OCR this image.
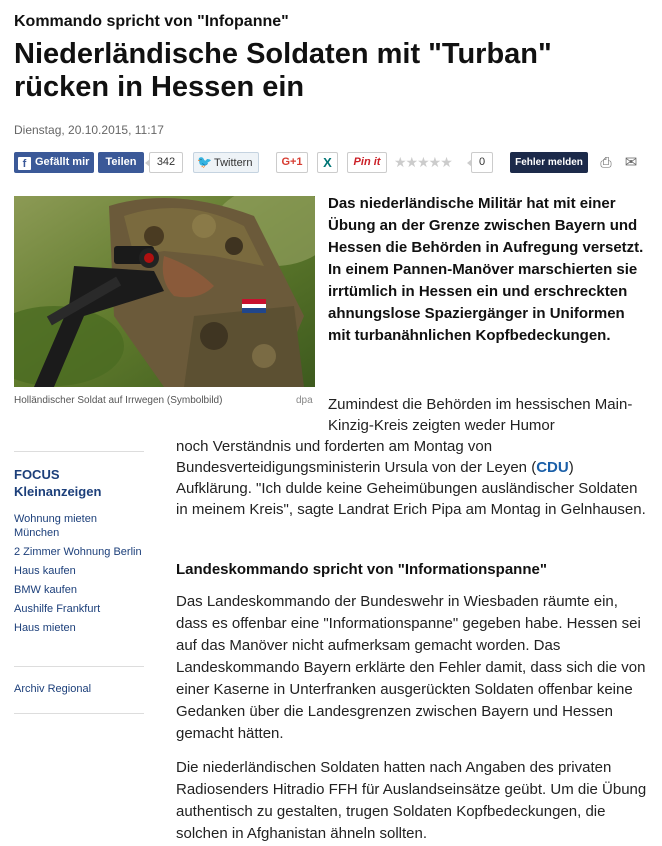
Kommando spricht von "Infopanne"
Niederländische Soldaten mit "Turban"
rücken in Hessen ein
Dienstag, 20.10.2015, 11:17
f Gefällt mir	Teilen	342	🐦 Twittern	G+1	X	Pin it ★★★★★	0	Fehler melden	⎙ ✉
Holländischer Soldat auf Irrwegen (Symbolbild)	dpa

Das niederländische Militär hat mit einer Übung an der Grenze zwischen Bayern und Hessen die Behörden in Aufregung versetzt. In einem Pannen-Manöver marschierten sie irrtümlich in Hessen ein und erschreckten ahnungslose Spaziergänger in Uniformen mit turbanähnlichen Kopfbedeckungen.

Zumindest die Behörden im hessischen Main-Kinzig-Kreis zeigten weder Humor

noch Verständnis und forderten am Montag von Bundesverteidigungsministerin Ursula von der Leyen (CDU) Aufklärung. "Ich dulde keine Geheimübungen ausländischer Soldaten in meinem Kreis", sagte Landrat Erich Pipa am Montag in Gelnhausen.

Landeskommando spricht von "Informationspanne"

Das Landeskommando der Bundeswehr in Wiesbaden räumte ein, dass es offenbar eine "Informationspanne" gegeben habe. Hessen sei auf das Manöver nicht aufmerksam gemacht worden. Das Landeskommando Bayern erklärte den Fehler damit, dass sich die von einer Kaserne in Unterfranken ausgerückten Soldaten offenbar keine Gedanken über die Landesgrenzen zwischen Bayern und Hessen gemacht hätten.

Die niederländischen Soldaten hatten nach Angaben des privaten Radiosenders Hitradio FFH für Auslandseinsätze geübt. Um die Übung authentisch zu gestalten, trugen Soldaten Kopfbedeckungen, die solchen in Afghanistan ähneln sollten.

FOCUS
Kleinanzeigen
Wohnung mieten München
2 Zimmer Wohnung Berlin
Haus kaufen
BMW kaufen
Aushilfe Frankfurt
Haus mieten
Archiv Regional
